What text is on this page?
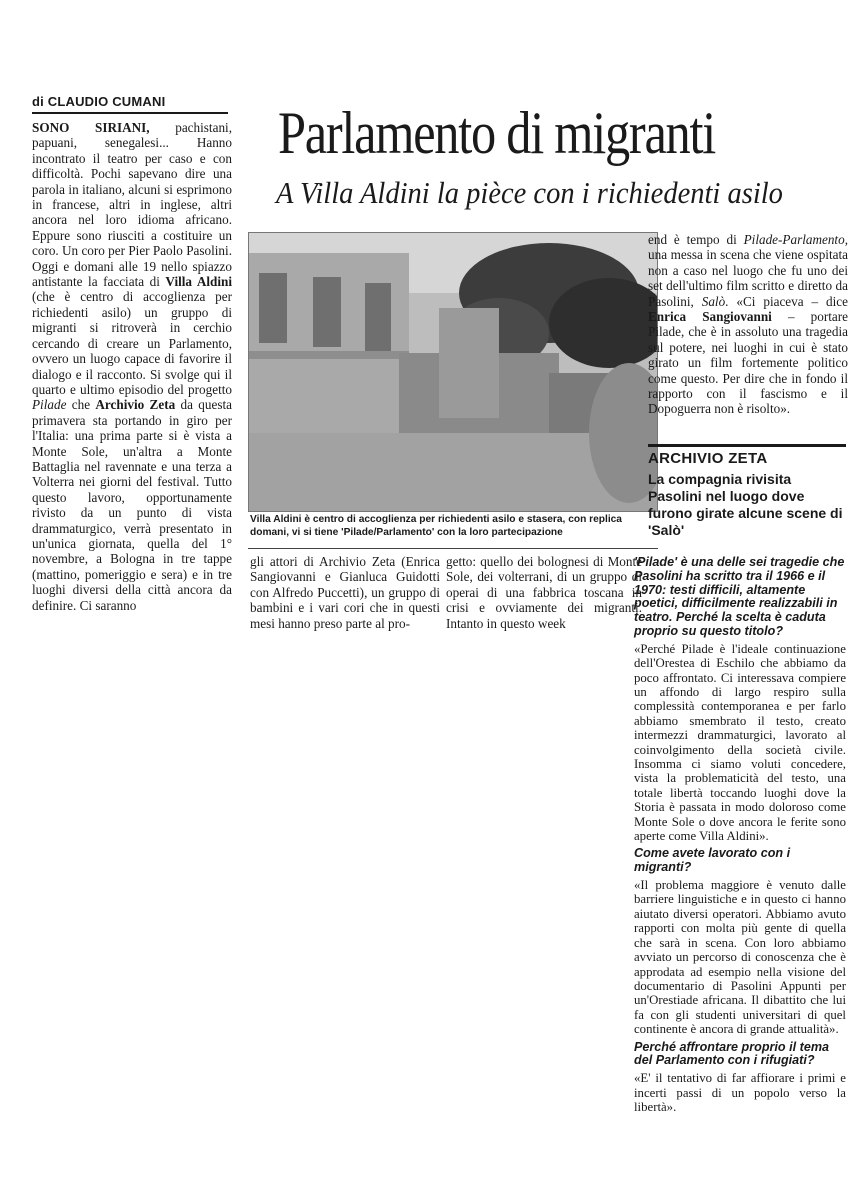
di CLAUDIO CUMANI
SONO SIRIANI, pachistani, papuani, senegalesi... Hanno incontrato il teatro per caso e con difficoltà. Pochi sapevano dire una parola in italiano, alcuni si esprimono in francese, altri in inglese, altri ancora nel loro idioma africano. Eppure sono riusciti a costituire un coro. Un coro per Pier Paolo Pasolini. Oggi e domani alle 19 nello spiazzo antistante la facciata di Villa Aldini (che è centro di accoglienza per richiedenti asilo) un gruppo di migranti si ritroverà in cerchio cercando di creare un Parlamento, ovvero un luogo capace di favorire il dialogo e il racconto. Si svolge qui il quarto e ultimo episodio del progetto Pilade che Archivio Zeta da questa primavera sta portando in giro per l'Italia: una prima parte si è vista a Monte Sole, un'altra a Monte Battaglia nel ravennate e una terza a Volterra nei giorni del festival. Tutto questo lavoro, opportunamente rivisto da un punto di vista drammaturgico, verrà presentato in un'unica giornata, quella del 1° novembre, a Bologna in tre tappe (mattino, pomeriggio e sera) e in tre luoghi diversi della città ancora da definire. Ci saranno
Parlamento di migranti
A Villa Aldini la pièce con i richiedenti asilo
Villa Aldini è centro di accoglienza per richiedenti asilo e stasera, con replica domani, vi si tiene 'Pilade/Parlamento' con la loro partecipazione
gli attori di Archivio Zeta (Enrica Sangiovanni e Gianluca Guidotti con Alfredo Puccetti), un gruppo di bambini e i vari cori che in questi mesi hanno preso parte al pro-
getto: quello dei bolognesi di Monte Sole, dei volterrani, di un gruppo di operai di una fabbrica toscana in crisi e ovviamente dei migranti. Intanto in questo week
end è tempo di Pilade-Parlamento, una messa in scena che viene ospitata non a caso nel luogo che fu uno dei set dell'ultimo film scritto e diretto da Pasolini, Salò. «Ci piaceva – dice Enrica Sangiovanni – portare Pilade, che è in assoluto una tragedia sul potere, nei luoghi in cui è stato girato un film fortemente politico come questo. Per dire che in fondo il rapporto con il fascismo e il Dopoguerra non è risolto».
ARCHIVIO ZETA
La compagnia rivisita Pasolini nel luogo dove furono girate alcune scene di 'Salò'
'Pilade' è una delle sei tragedie che Pasolini ha scritto tra il 1966 e il 1970: testi difficili, altamente poetici, difficilmente realizzabili in teatro. Perché la scelta è caduta proprio su questo titolo?
«Perché Pilade è l'ideale continuazione dell'Orestea di Eschilo che abbiamo da poco affrontato. Ci interessava compiere un affondo di largo respiro sulla complessità contemporanea e per farlo abbiamo smembrato il testo, creato intermezzi drammaturgici, lavorato al coinvolgimento della società civile. Insomma ci siamo voluti concedere, vista la problematicità del testo, una totale libertà toccando luoghi dove la Storia è passata in modo doloroso come Monte Sole o dove ancora le ferite sono aperte come Villa Aldini».
Come avete lavorato con i migranti?
«Il problema maggiore è venuto dalle barriere linguistiche e in questo ci hanno aiutato diversi operatori. Abbiamo avuto rapporti con molta più gente di quella che sarà in scena. Con loro abbiamo avviato un percorso di conoscenza che è approdata ad esempio nella visione del documentario di Pasolini Appunti per un'Orestiade africana. Il dibattito che lui fa con gli studenti universitari di quel continente è ancora di grande attualità».
Perché affrontare proprio il tema del Parlamento con i rifugiati?
«E' il tentativo di far affiorare i primi e incerti passi di un popolo verso la libertà».
